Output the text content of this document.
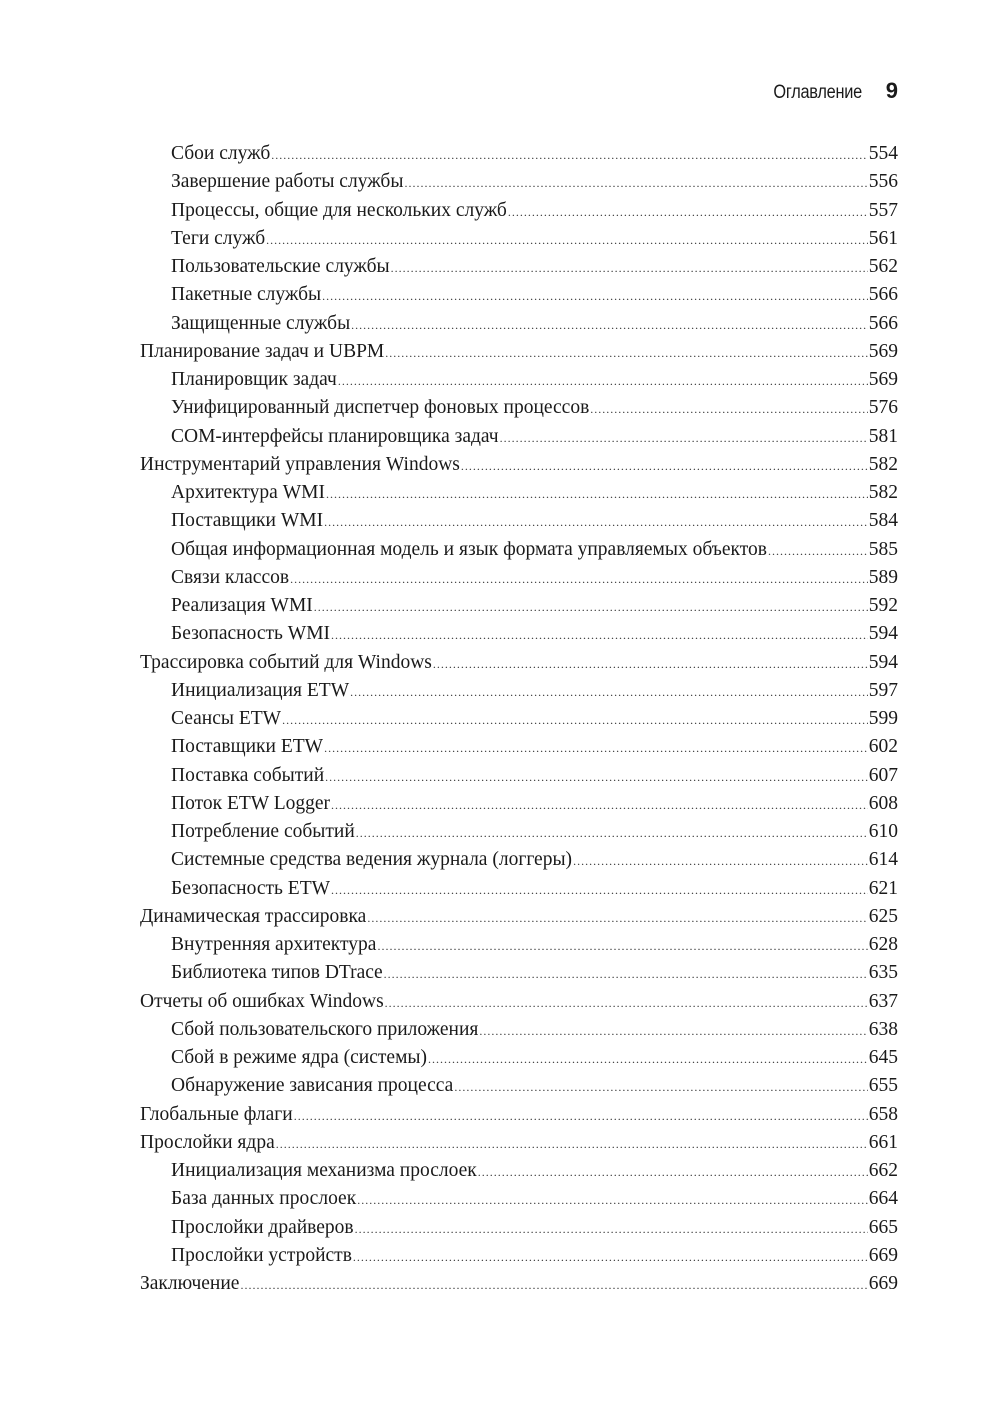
Оглавление 9
Сбои служб .....	554
Завершение работы службы .....	556
Процессы, общие для нескольких служб .....	557
Теги служб .....	561
Пользовательские службы .....	562
Пакетные службы .....	566
Защищенные службы .....	566
Планирование задач и UBPM .....	569
Планировщик задач .....	569
Унифицированный диспетчер фоновых процессов .....	576
COM-интерфейсы планировщика задач .....	581
Инструментарий управления Windows .....	582
Архитектура WMI .....	582
Поставщики WMI .....	584
Общая информационная модель и язык формата управляемых объектов .....	585
Связи классов .....	589
Реализация WMI .....	592
Безопасность WMI .....	594
Трассировка событий для Windows .....	594
Инициализация ETW .....	597
Сеансы ETW .....	599
Поставщики ETW .....	602
Поставка событий .....	607
Поток ETW Logger .....	608
Потребление событий .....	610
Системные средства ведения журнала (логгеры) .....	614
Безопасность ETW .....	621
Динамическая трассировка .....	625
Внутренняя архитектура .....	628
Библиотека типов DTrace .....	635
Отчеты об ошибках Windows .....	637
Сбой пользовательского приложения .....	638
Сбой в режиме ядра (системы) .....	645
Обнаружение зависания процесса .....	655
Глобальные флаги .....	658
Прослойки ядра .....	661
Инициализация механизма прослоек .....	662
База данных прослоек .....	664
Прослойки драйверов .....	665
Прослойки устройств .....	669
Заключение .....	669
